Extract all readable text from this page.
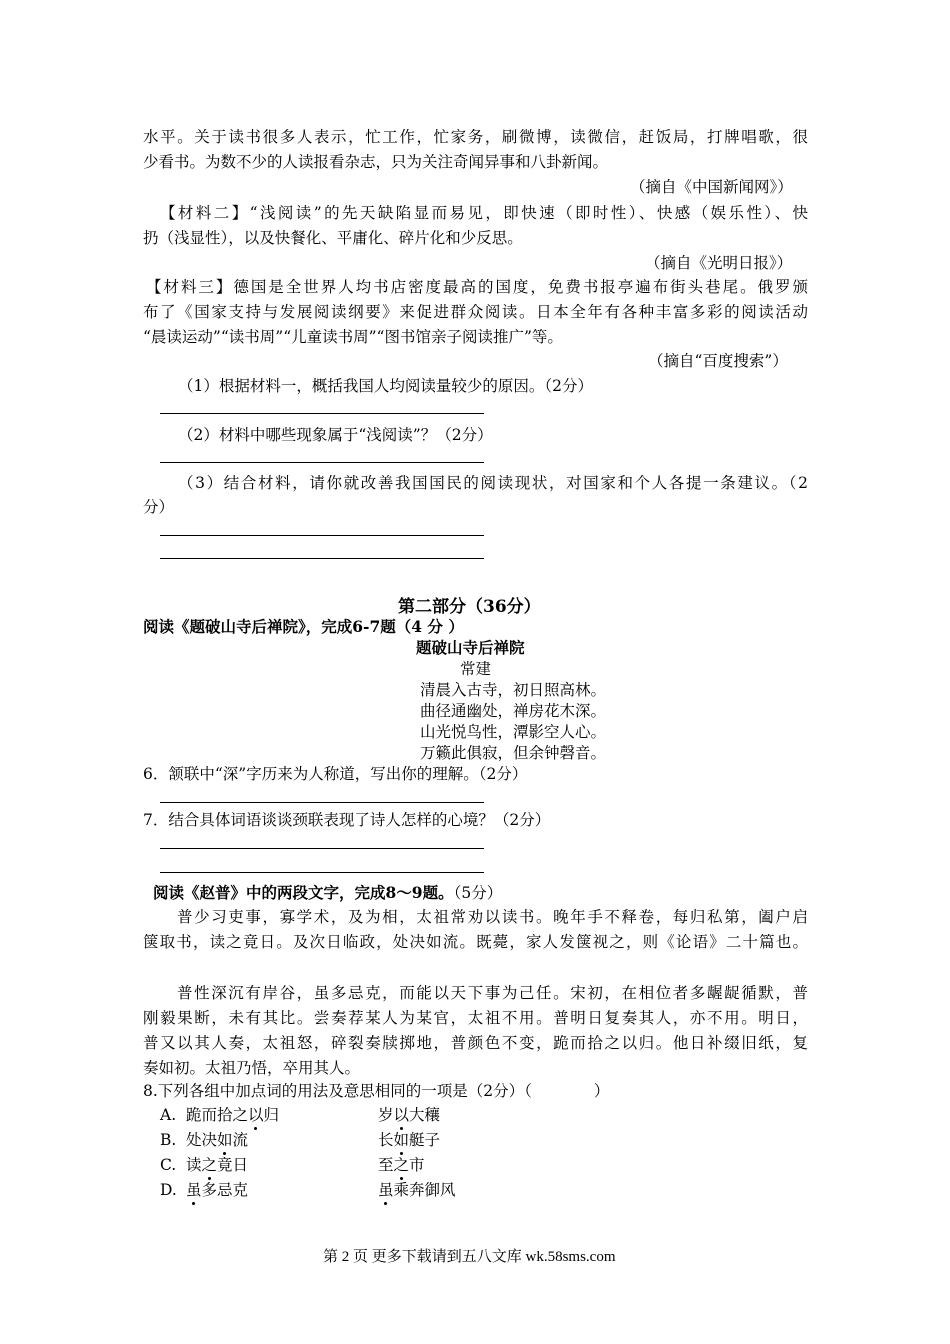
水平。关于读书很多人表示，忙工作，忙家务，刷微博，读微信，赶饭局，打牌唱歌，很
少看书。为数不少的人读报看杂志，只为关注奇闻异事和八卦新闻。
（摘自《中国新闻网》）
【材料二】“浅阅读”的先天缺陷显而易见，即快速（即时性）、快感（娱乐性）、快
扔（浅显性），以及快餐化、平庸化、碎片化和少反思。
（摘自《光明日报》）
【材料三】德国是全世界人均书店密度最高的国度，免费书报亭遍布街头巷尾。俄罗颁
布了《国家支持与发展阅读纲要》来促进群众阅读。日本全年有各种丰富多彩的阅读活动
“晨读运动”“读书周”“儿童读书周”“图书馆亲子阅读推广”等。
（摘自“百度搜索”）
（1）根据材料一，概括我国人均阅读量较少的原因。（2分）
（2）材料中哪些现象属于“浅阅读”？（2分）
（3）结合材料，请你就改善我国国民的阅读现状，对国家和个人各提一条建议。（2
分）
第二部分（36分）
阅读《题破山寺后禅院》，完成6-7题（4 分 ）
题破山寺后禅院
常建
清晨入古寺，初日照高林。
曲径通幽处，禅房花木深。
山光悦鸟性，潭影空人心。
万籁此俱寂，但余钟磬音。
6．颔联中“深”字历来为人称道，写出你的理解。（2分）
7．结合具体词语谈谈颈联表现了诗人怎样的心境？（2分）
阅读《赵普》中的两段文字，完成8～9题。（5分）
普少习吏事，寡学术，及为相，太祖常劝以读书。晚年手不释卷，每归私第，阖户启
箧取书，读之竟日。及次日临政，处决如流。既薨，家人发箧视之，则《论语》二十篇也。
普性深沉有岸谷，虽多忌克，而能以天下事为己任。宋初，在相位者多龌龊循默，普
刚毅果断，未有其比。尝奏荐某人为某官，太祖不用。普明日复奏其人，亦不用。明日，
普又以其人奏，太祖怒，碎裂奏牍掷地，普颜色不变，跪而拾之以归。他日补缀旧纸，复
奏如初。太祖乃悟，卒用其人。
8.下列各组中加点词的用法及意思相同的一项是（2分）（　　　　）
A. 跪而拾之以归	岁以大穰
B. 处决如流	长如艇子
C. 读之竟日	至之市
D. 虽多忌克	虽乘奔御风
第 2 页 更多下载请到五八文库 wk.58sms.com
